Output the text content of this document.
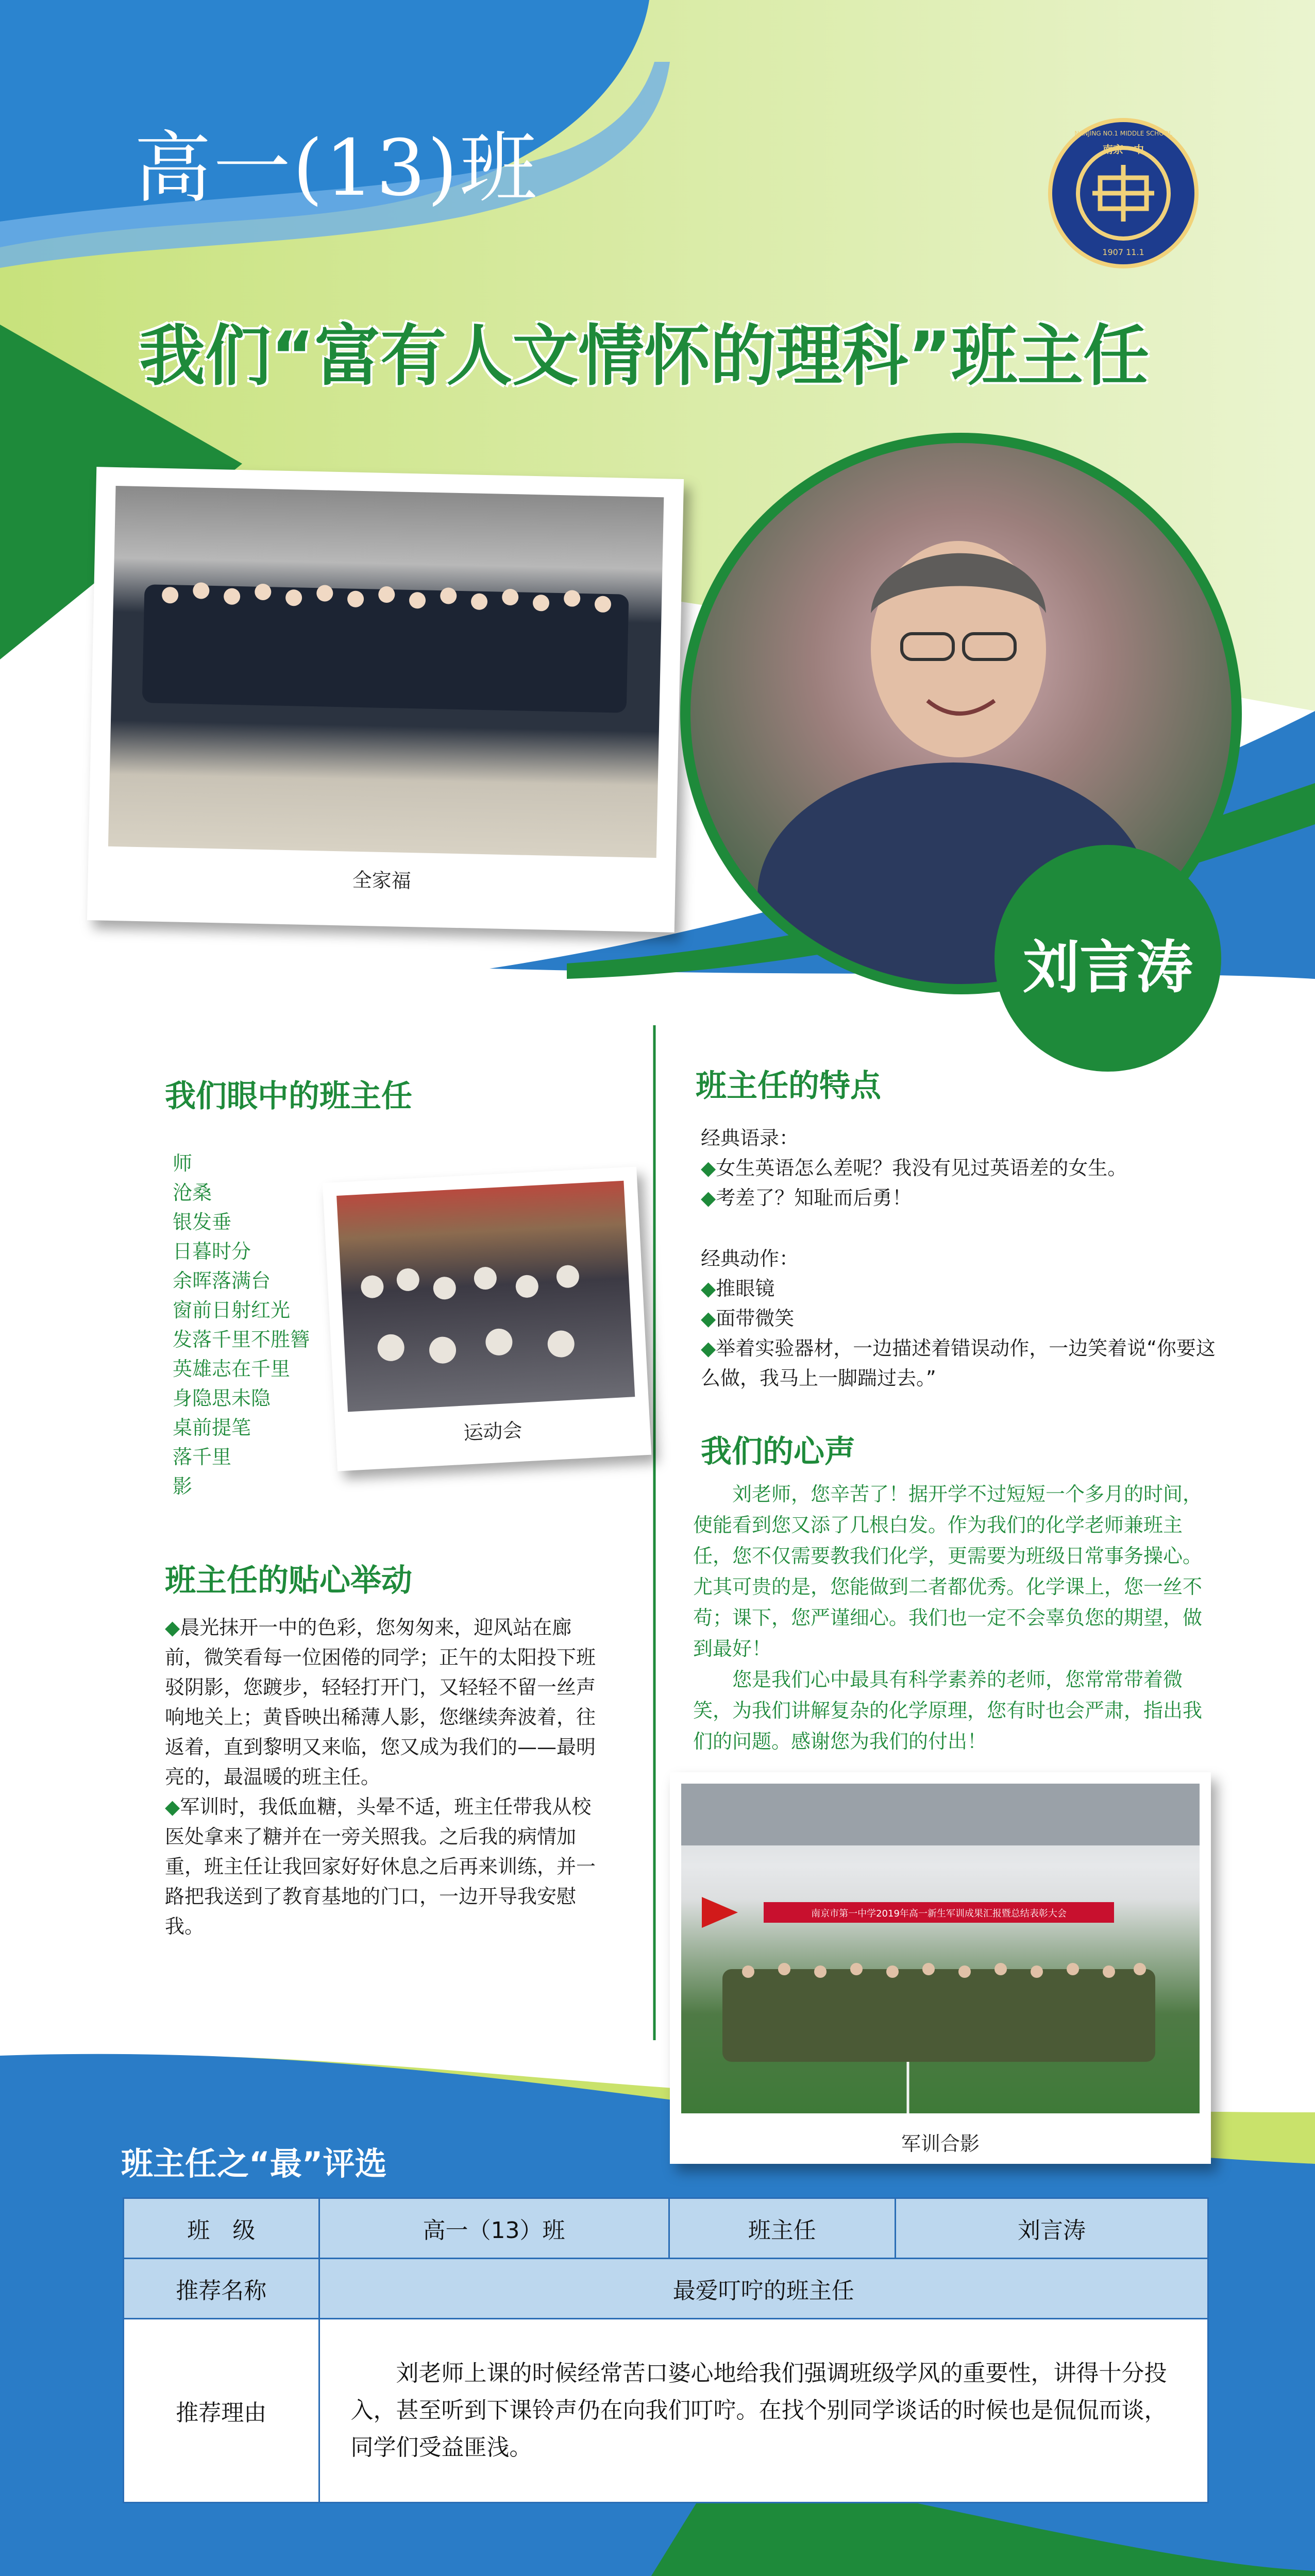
高一(13)班	南京一中
1907 11.1
NANJING NO.1 MIDDLE SCHOOL
我们“富有人文情怀的理科”班主任
全家福
刘言涛
我们眼中的班主任
师
沧桑
银发垂
日暮时分
余晖落满台
窗前日射红光
发落千里不胜簪
英雄志在千里
身隐思未隐
桌前提笔
落千里
影
运动会
班主任的贴心举动
◆晨光抹开一中的色彩，您匆匆来，迎风站在廊前，微笑看每一位困倦的同学；正午的太阳投下班驳阴影，您踱步，轻轻打开门，又轻轻不留一丝声响地关上；黄昏映出稀薄人影，您继续奔波着，往返着，直到黎明又来临，您又成为我们的——最明亮的，最温暖的班主任。
◆军训时，我低血糖，头晕不适，班主任带我从校医处拿来了糖并在一旁关照我。之后我的病情加重，班主任让我回家好好休息之后再来训练，并一路把我送到了教育基地的门口，一边开导我安慰我。
班主任的特点
经典语录：
◆女生英语怎么差呢？我没有见过英语差的女生。
◆考差了？知耻而后勇！
经典动作：
◆推眼镜
◆面带微笑
◆举着实验器材，一边描述着错误动作，一边笑着说“你要这么做，我马上一脚踹过去。”
我们的心声
刘老师，您辛苦了！据开学不过短短一个多月的时间，使能看到您又添了几根白发。作为我们的化学老师兼班主任，您不仅需要教我们化学，更需要为班级日常事务操心。尤其可贵的是，您能做到二者都优秀。化学课上，您一丝不苟；课下，您严谨细心。我们也一定不会辜负您的期望，做到最好！
您是我们心中最具有科学素养的老师，您常常带着微笑，为我们讲解复杂的化学原理，您有时也会严肃，指出我们的问题。感谢您为我们的付出！
南京市第一中学2019年高一新生军训成果汇报暨总结表彰大会
军训合影
班主任之“最”评选
班　级	高一（13）班	班主任	刘言涛
推荐名称	最爱叮咛的班主任		
推荐理由	刘老师上课的时候经常苦口婆心地给我们强调班级学风的重要性，讲得十分投入，甚至听到下课铃声仍在向我们叮咛。在找个别同学谈话的时候也是侃侃而谈，同学们受益匪浅。		
